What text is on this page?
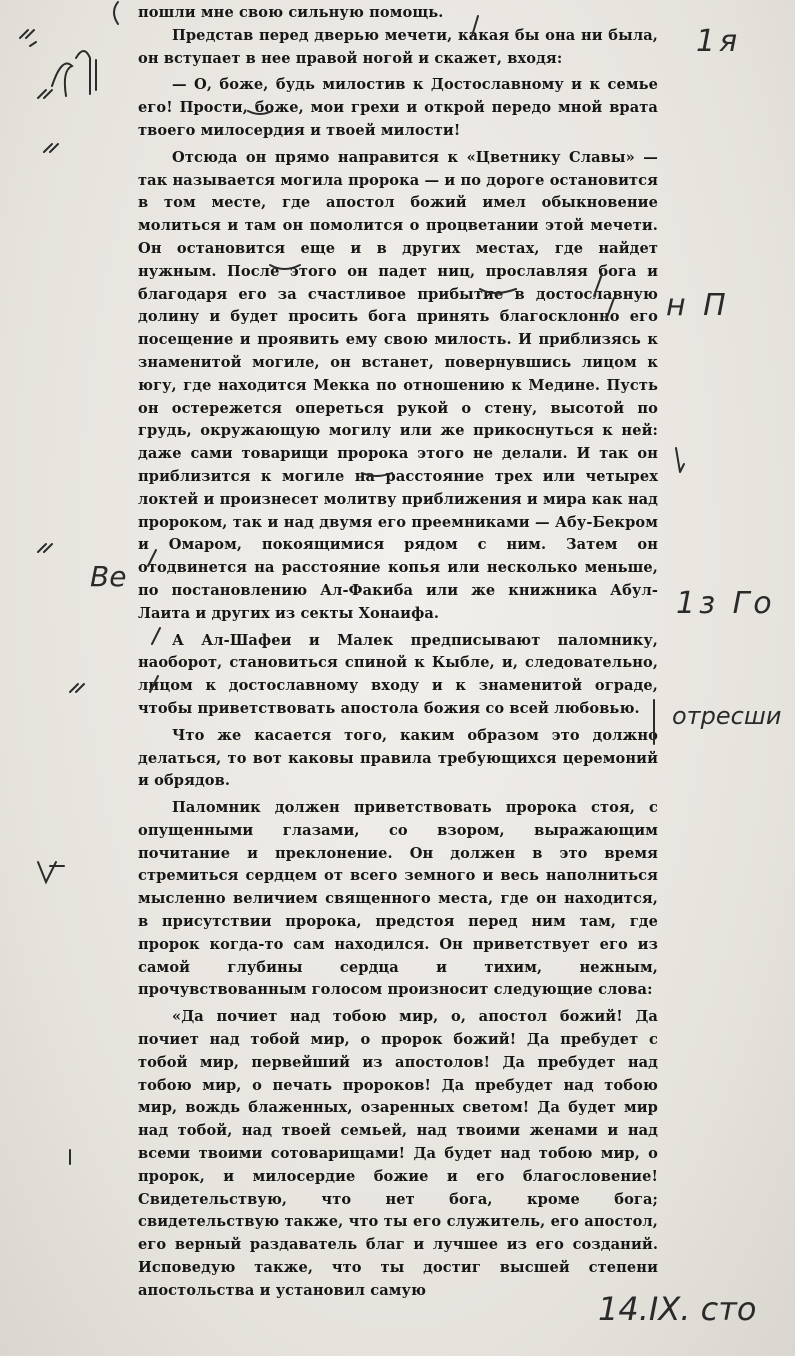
пошли мне свою сильную помощь.

Представ перед дверью мечети, какая бы она ни была, он вступает в нее правой ногой и скажет, входя:

— О, боже, будь милостив к Достославному и к семье его! Прости, боже, мои грехи и открой передо мной врата твоего милосердия и твоей милости!

Отсюда он прямо направится к «Цветнику Славы» — так называется могила пророка — и по дороге остановится в том месте, где апостол божий имел обыкновение молиться и там он помолится о процветании этой мечети. Он остановится еще и в других местах, где найдет нужным. После этого он падет ниц, прославляя бога и благодаря его за счастливое прибытие в достославную долину и будет просить бога принять благосклонно его посещение и проявить ему свою милость. И приблизясь к знаменитой могиле, он встанет, повернувшись лицом к югу, где находится Мекка по отношению к Медине. Пусть он остережется опереться рукой о стену, высотой по грудь, окружающую могилу или же прикоснуться к ней: даже сами товарищи пророка этого не делали. И так он приблизится к могиле на расстояние трех или четырех локтей и произнесет молитву приближения и мира как над пророком, так и над двумя его преемниками — Абу-Бекром и Омаром, покоящимися рядом с ним. Затем он отодвинется на расстояние копья или несколько меньше, по постановлению Ал-Факиба или же книжника Абул-Лаита и других из секты Хонаифа.

А Ал-Шафеи и Малек предписывают паломнику, наоборот, становиться спиной к Кыбле, и, следовательно, лицом к достославному входу и к знаменитой ограде, чтобы приветствовать апостола божия со всей любовью.

Что же касается того, каким образом это должно делаться, то вот каковы правила требующихся церемоний и обрядов.

Паломник должен приветствовать пророка стоя, с опущенными глазами, со взором, выражающим почитание и преклонение. Он должен в это время стремиться сердцем от всего земного и весь наполниться мысленно величием священного места, где он находится, в присутствии пророка, предстоя перед ним там, где пророк когда-то сам находился. Он приветствует его из самой глубины сердца и тихим, нежным, прочувствованным голосом произносит следующие слова:

«Да почиет над тобою мир, о, апостол божий! Да почиет над тобой мир, о пророк божий! Да пребудет с тобой мир, первейший из апостолов! Да пребудет над тобою мир, о печать пророков! Да пребудет над тобою мир, вождь блаженных, озаренных светом! Да будет мир над тобой, над твоей семьей, над твоими женами и над всеми твоими сотоварищами! Да будет над тобою мир, о пророк, и милосердие божие и его благословение! Свидетельствую, что нет бога, кроме бога; свидетельствую также, что ты его служитель, его апостол, его верный раздаватель благ и лучшее из его созданий. Исповедую также, что ты достиг высшей степени апостольства и установил самую

1я
н П
Ве
1з Го
отресши
14.IX. сто
